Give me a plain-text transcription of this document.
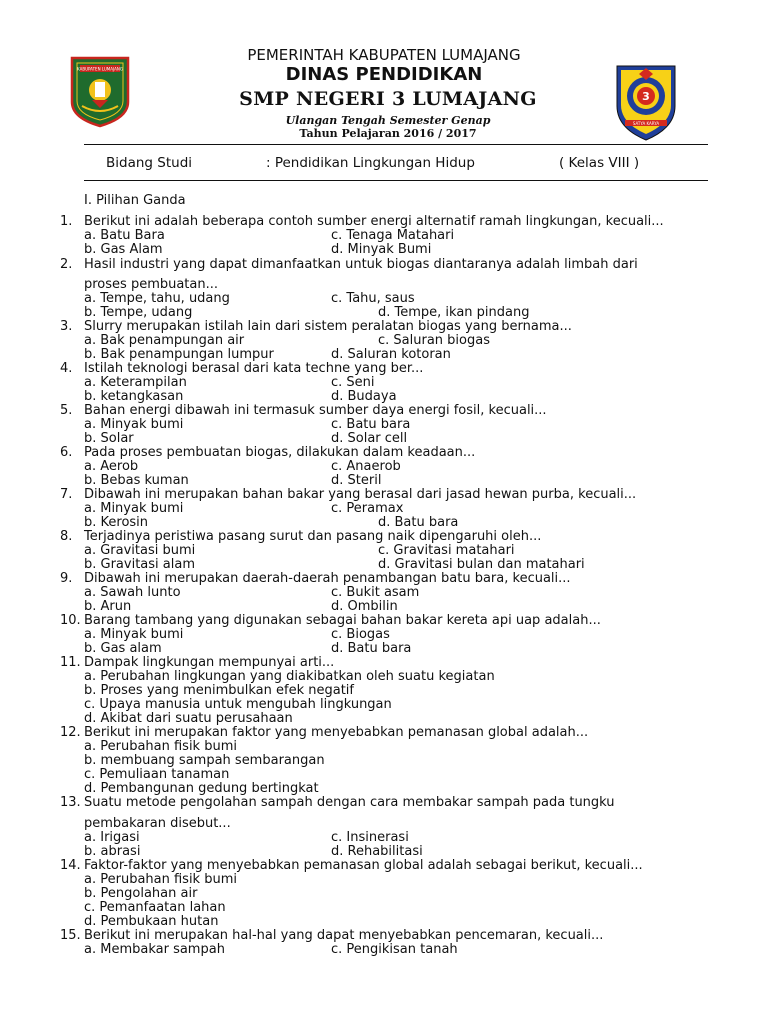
KABUPATEN LUMAJANG
3
SATYA KARYA
PEMERINTAH KABUPATEN LUMAJANG
DINAS PENDIDIKAN
SMP NEGERI 3 LUMAJANG
Ulangan Tengah Semester Genap
Tahun Pelajaran 2016 / 2017
Bidang Studi	: Pendidikan Lingkungan Hidup	( Kelas VIII )
I. Pilihan Ganda
1. Berikut ini adalah beberapa contoh sumber energi alternatif ramah lingkungan, kecuali...
a. Batu Bara	c. Tenaga Matahari
b. Gas Alam	d. Minyak Bumi
2. Hasil industri yang dapat dimanfaatkan untuk biogas diantaranya adalah limbah dari
proses pembuatan...
a. Tempe, tahu, udang	c. Tahu, saus
b. Tempe, udang	d. Tempe, ikan pindang
3. Slurry merupakan istilah lain dari sistem peralatan biogas yang bernama...
a. Bak penampungan air	c. Saluran biogas
b. Bak penampungan lumpur	d. Saluran kotoran
4. Istilah teknologi berasal dari kata techne yang ber...
a. Keterampilan	c. Seni
b. ketangkasan	d. Budaya
5. Bahan energi dibawah ini termasuk sumber daya energi fosil, kecuali...
a. Minyak bumi	c. Batu bara
b. Solar	d. Solar cell
6. Pada proses pembuatan biogas, dilakukan dalam keadaan...
a. Aerob	c. Anaerob
b. Bebas kuman	d. Steril
7. Dibawah ini merupakan bahan bakar yang berasal dari jasad hewan purba, kecuali...
a. Minyak bumi	c. Peramax
b. Kerosin	d. Batu bara
8. Terjadinya peristiwa pasang surut dan pasang naik dipengaruhi oleh...
a. Gravitasi bumi	c. Gravitasi matahari
b. Gravitasi alam	d. Gravitasi bulan dan matahari
9. Dibawah ini merupakan daerah-daerah penambangan batu bara, kecuali...
a. Sawah lunto	c. Bukit asam
b. Arun	d. Ombilin
10. Barang tambang yang digunakan sebagai bahan bakar kereta api uap adalah...
a. Minyak bumi	c. Biogas
b. Gas alam	d. Batu bara
11. Dampak lingkungan mempunyai arti...
a. Perubahan lingkungan yang diakibatkan oleh suatu kegiatan
b. Proses yang menimbulkan efek negatif
c. Upaya manusia untuk mengubah lingkungan
d. Akibat dari suatu perusahaan
12. Berikut ini merupakan faktor yang menyebabkan pemanasan global adalah...
a. Perubahan fisik bumi
b. membuang sampah sembarangan
c. Pemuliaan tanaman
d. Pembangunan gedung bertingkat
13. Suatu metode pengolahan sampah dengan cara membakar sampah pada tungku
pembakaran disebut...
a. Irigasi	c. Insinerasi
b. abrasi	d. Rehabilitasi
14. Faktor-faktor yang menyebabkan pemanasan global adalah sebagai berikut, kecuali...
a. Perubahan fisik bumi
b. Pengolahan air
c. Pemanfaatan lahan
d. Pembukaan hutan
15. Berikut ini merupakan hal-hal yang dapat menyebabkan pencemaran, kecuali...
a. Membakar sampah	c. Pengikisan tanah
